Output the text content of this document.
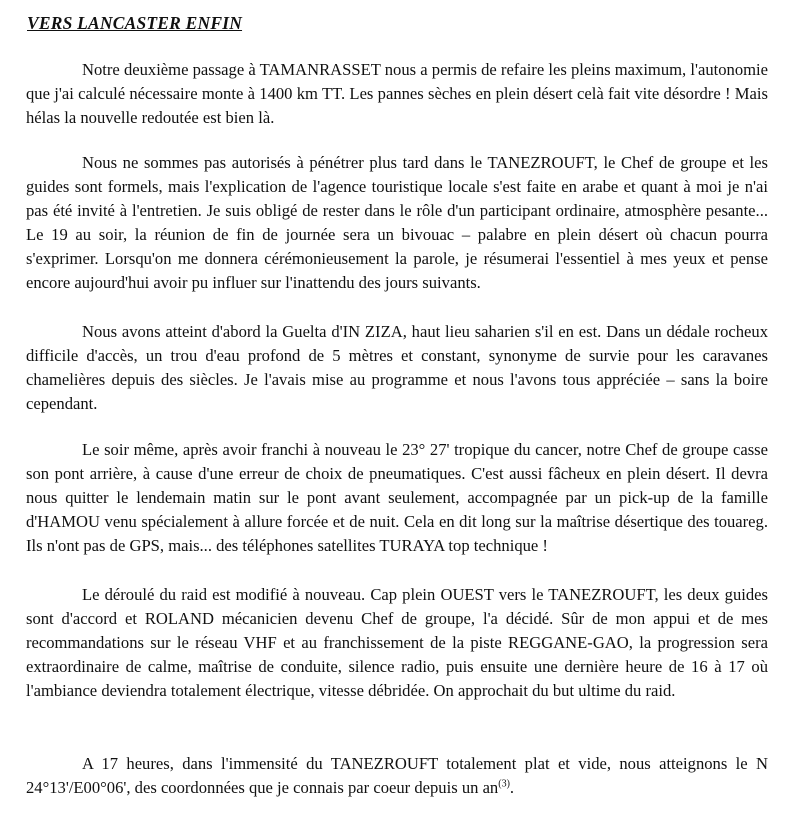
VERS LANCASTER ENFIN

Notre deuxième passage à TAMANRASSET nous a permis de refaire les pleins maximum, l'autonomie que j'ai calculé nécessaire monte à 1400 km TT. Les pannes sèches en plein désert celà fait vite désordre ! Mais hélas la nouvelle redoutée est bien là.

Nous ne sommes pas autorisés à pénétrer plus tard dans le TANEZROUFT, le Chef de groupe et les guides sont formels, mais l'explication de l'agence touristique locale s'est faite en arabe et quant à moi je n'ai pas été invité à l'entretien. Je suis obligé de rester dans le rôle d'un participant ordinaire, atmosphère pesante... Le 19 au soir, la réunion de fin de journée sera un bivouac – palabre en plein désert où chacun pourra s'exprimer. Lorsqu'on me donnera cérémonieusement la parole, je résumerai l'essentiel à mes yeux et pense encore aujourd'hui avoir pu influer sur l'inattendu des jours suivants.

Nous avons atteint d'abord la Guelta d'IN ZIZA, haut lieu saharien s'il en est. Dans un dédale rocheux difficile d'accès, un trou d'eau profond de 5 mètres et constant, synonyme de survie pour les caravanes chamelières depuis des siècles. Je l'avais mise au programme et nous l'avons tous appréciée – sans la boire cependant.

Le soir même, après avoir franchi à nouveau le 23° 27' tropique du cancer, notre Chef de groupe casse son pont arrière, à cause d'une erreur de choix de pneumatiques. C'est aussi fâcheux en plein désert. Il devra nous quitter le lendemain matin sur le pont avant seulement, accompagnée par un pick-up de la famille d'HAMOU venu spécialement à allure forcée et de nuit. Cela en dit long sur la maîtrise désertique des touareg. Ils n'ont pas de GPS, mais... des téléphones satellites TURAYA top technique !

Le déroulé du raid est modifié à nouveau. Cap plein OUEST vers le TANEZROUFT, les deux guides sont d'accord et ROLAND mécanicien devenu Chef de groupe, l'a décidé. Sûr de mon appui et de mes recommandations sur le réseau VHF et au franchissement de la piste REGGANE-GAO, la progression sera extraordinaire de calme, maîtrise de conduite, silence radio, puis ensuite une dernière heure de 16 à 17 où l'ambiance deviendra totalement électrique, vitesse débridée. On approchait du but ultime du raid.

A 17 heures, dans l'immensité du TANEZROUFT totalement plat et vide, nous atteignons le N 24°13'/E00°06', des coordonnées que je connais par coeur depuis un $an^{(3)}$.
